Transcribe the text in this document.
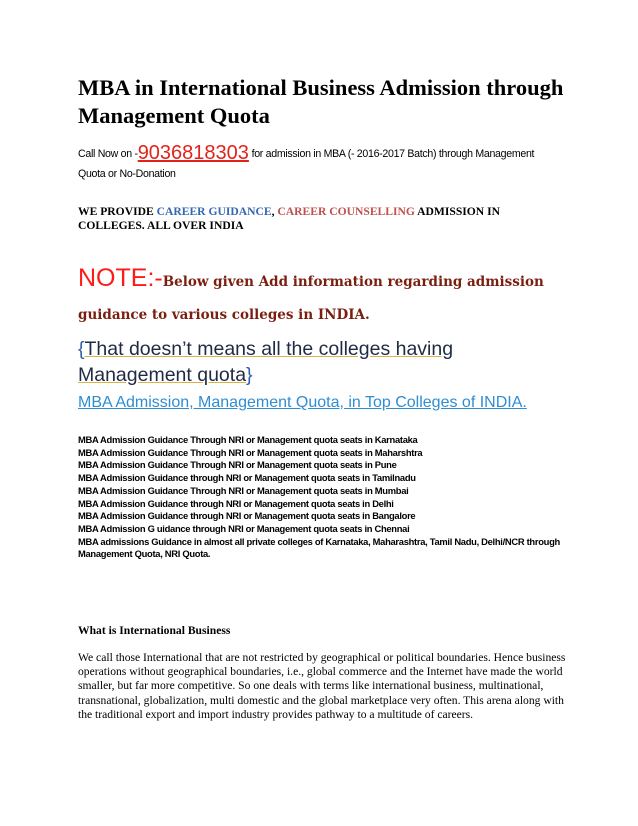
MBA in International Business Admission through Management Quota
Call Now on -9036818303 for admission in MBA (- 2016-2017 Batch) through Management
Quota or No-Donation
WE PROVIDE CAREER GUIDANCE, CAREER COUNSELLING ADMISSION IN COLLEGES. ALL OVER INDIA
NOTE:-Below given Add information regarding admission guidance to various colleges in INDIA.
{That doesn’t means all the colleges having Management quota}
MBA Admission, Management Quota, in Top Colleges of INDIA.
MBA Admission Guidance Through NRI or Management quota seats in Karnataka
MBA Admission Guidance Through NRI or Management quota seats in Maharshtra
MBA Admission Guidance Through NRI or Management quota seats in Pune
MBA Admission Guidance through NRI or Management quota seats in Tamilnadu
MBA Admission Guidance Through NRI or Management quota seats in Mumbai
MBA Admission Guidance through NRI or Management quota seats in Delhi
MBA Admission Guidance through NRI or Management quota seats in Bangalore
MBA Admission G uidance through NRI or Management quota seats in Chennai
MBA admissions Guidance in almost all private colleges of Karnataka, Maharashtra, Tamil Nadu, Delhi/NCR through Management Quota, NRI Quota.
What is International Business
We call those International that are not restricted by geographical or political boundaries. Hence business operations without geographical boundaries, i.e., global commerce and the Internet have made the world smaller, but far more competitive. So one deals with terms like international business, multinational, transnational, globalization, multi domestic and the global marketplace very often. This arena along with the traditional export and import industry provides pathway to a multitude of careers.
